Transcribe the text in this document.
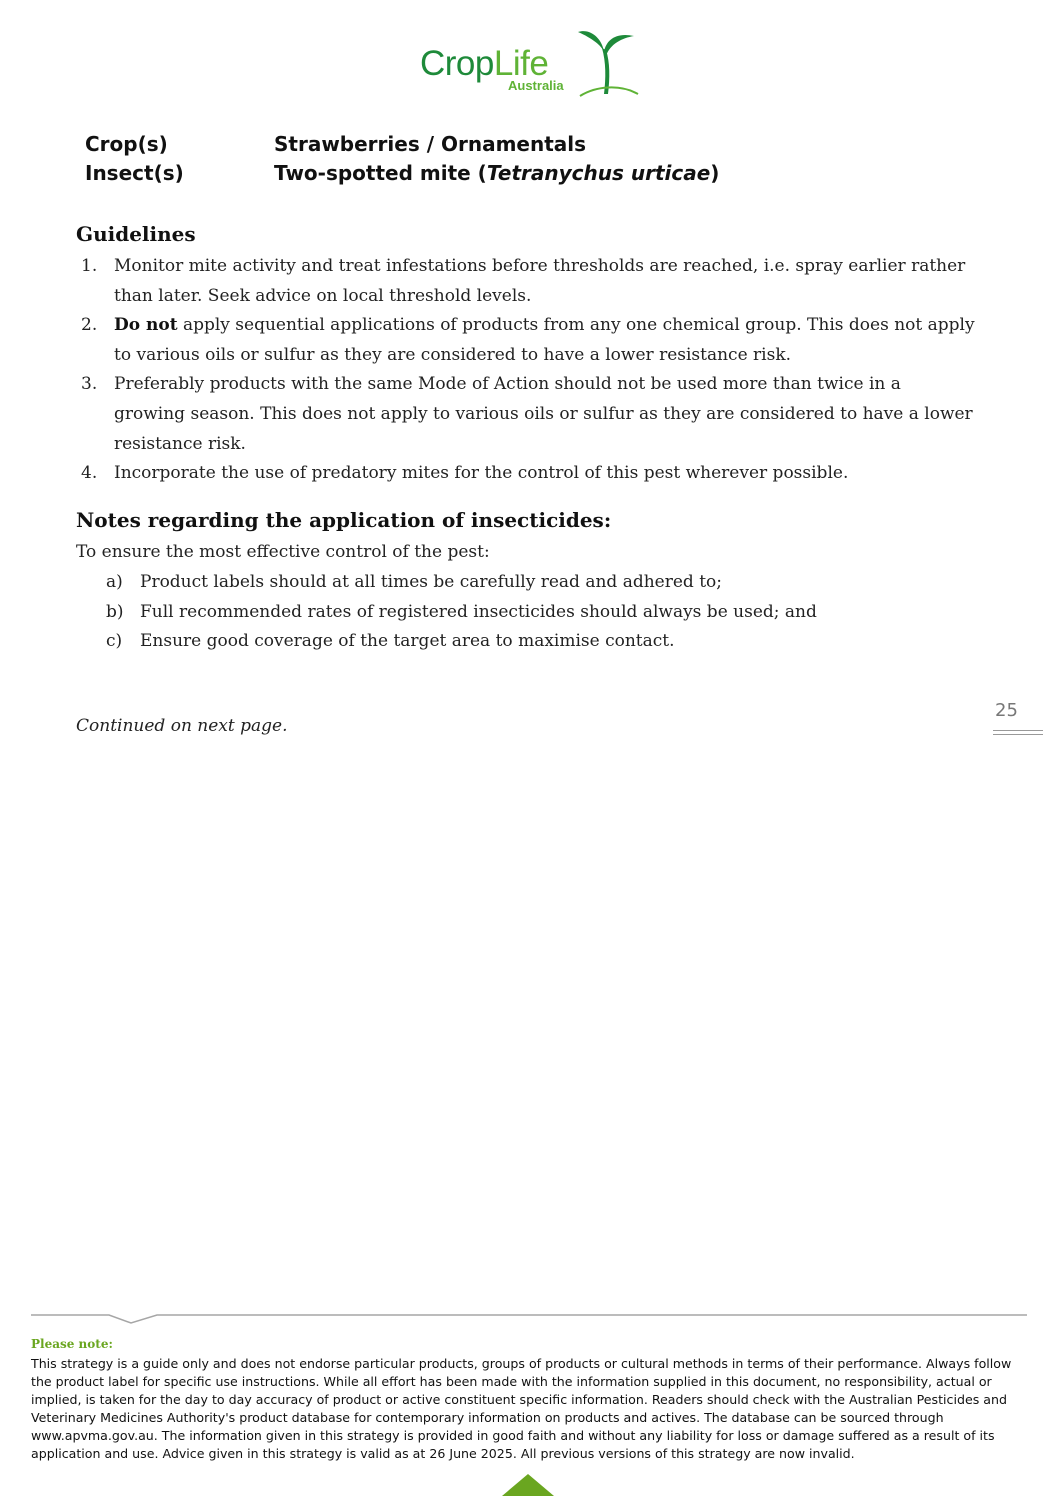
CropLife
Australia
Crop(s)	Strawberries / Ornamentals
Insect(s)	Two-spotted mite (Tetranychus urticae)
Guidelines
1. Monitor mite activity and treat infestations before thresholds are reached, i.e. spray earlier rather than later. Seek advice on local threshold levels.
2. Do not apply sequential applications of products from any one chemical group. This does not apply to various oils or sulfur as they are considered to have a lower resistance risk.
3. Preferably products with the same Mode of Action should not be used more than twice in a growing season. This does not apply to various oils or sulfur as they are considered to have a lower resistance risk.
4. Incorporate the use of predatory mites for the control of this pest wherever possible.
Notes regarding the application of insecticides:
To ensure the most effective control of the pest:
a)	Product labels should at all times be carefully read and adhered to;
b) Full recommended rates of registered insecticides should always be used; and
c)	Ensure good coverage of the target area to maximise contact.
Continued on next page.
25
Please note:
This strategy is a guide only and does not endorse particular products, groups of products or cultural methods in terms of their performance. Always follow the product label for specific use instructions. While all effort has been made with the information supplied in this document, no responsibility, actual or implied, is taken for the day to day accuracy of product or active constituent specific information. Readers should check with the Australian Pesticides and Veterinary Medicines Authority's product database for contemporary information on products and actives. The database can be sourced through www.apvma.gov.au. The information given in this strategy is provided in good faith and without any liability for loss or damage suffered as a result of its application and use. Advice given in this strategy is valid as at 26 June 2025. All previous versions of this strategy are now invalid.
